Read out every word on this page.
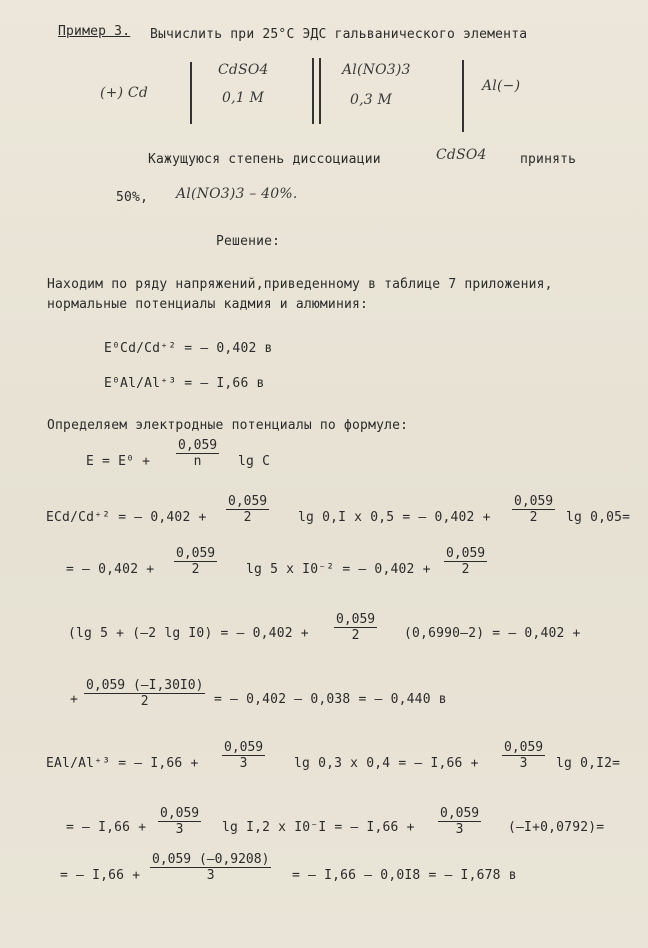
Пример 3. Вычислить при 25°С ЭДС гальванического элемента
(+) Cd
CdSO4
0,1 M
Al(NO3)3
0,3 M
Al(−)
Кажущуюся степень диссоциации	CdSO4	принять
50%, Al(NO3)3 – 40%.
Решение:
Находим по ряду напряжений,приведенному в таблице 7 приложения,
нормальные потенциалы кадмия и алюминия:
E⁰Cd/Cd⁺² = – 0,402 в
E⁰Al/Al⁺³ = – I,66 в
Определяем электродные потенциалы по формуле:
$E = E^0 + \frac{0,059}{n}$ lg C
ECd/Cd⁺² = – $0,402 + \frac{0,059}{2}$ lg 0,I x 0,5 = – $0,402 + \frac{0,059}{2}$ lg 0,05=
= – $0,402 + \frac{0,059}{2}$ lg 5 x I0⁻² = – $0,402 + \frac{0,059}{2}$
(lg 5 + (–2 lg I0) = – $0,402 + \frac{0,059}{2} (0,6990-2)$ = – 0,402 +
+ $\frac{0,059 (-I,30I0)}{2}$ = – 0,402 – 0,038 = – 0,440 в
EAl/Al⁺³ = – $I,66 + \frac{0,059}{3}$ lg 0,3 x 0,4 = – $I,66 + \frac{0,059}{3}$ lg 0,I2=
= – $I,66 + \frac{0,059}{3}$ lg I,2 x I0⁻I = – $I,66 + \frac{0,059}{3} (-I+0,0792)=$
= – $I,66 + \frac{0,059 (-0,9208)}{3}$ = – I,66 – 0,0I8 = – I,678 в
